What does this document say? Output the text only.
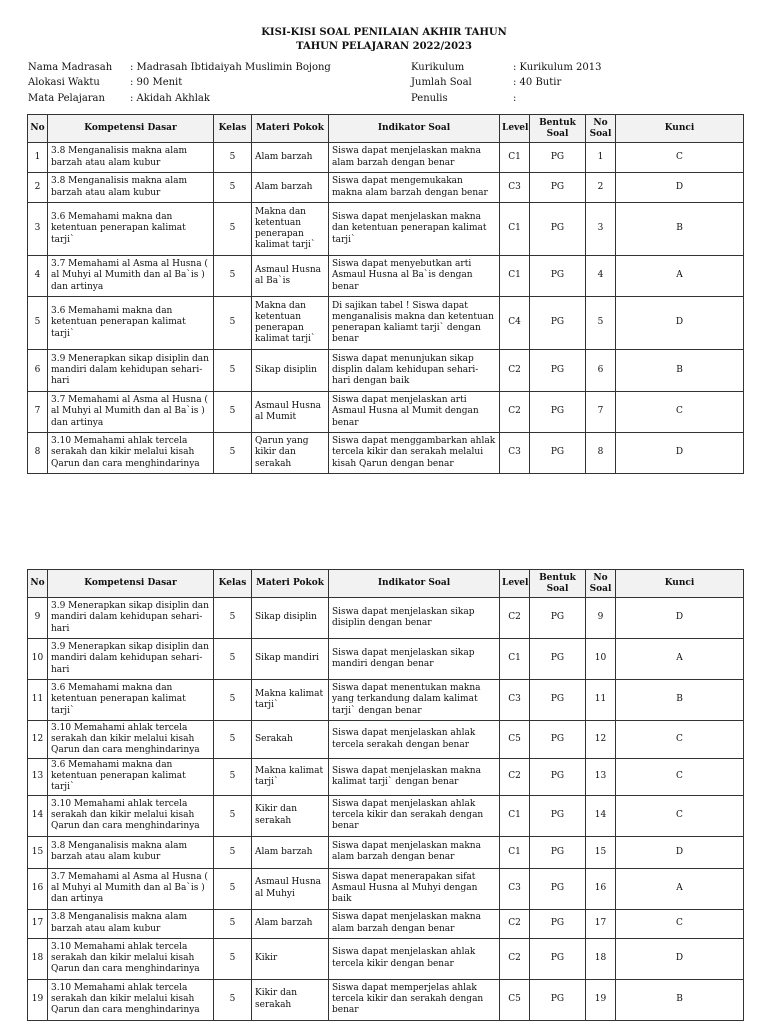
KISI-KISI SOAL PENILAIAN AKHIR TAHUN
TAHUN PELAJARAN 2022/2023
Nama Madrasah : Madrasah Ibtidaiyah Muslimin Bojong
Alokasi Waktu	: 90 Menit
Mata Pelajaran	: Akidah Akhlak
Kurikulum	: Kurikulum 2013
Jumlah Soal	: 40 Butir
Penulis	:
No	Kompetensi Dasar	Kelas	Materi Pokok	Indikator Soal	Level	Bentuk Soal	No Soal	Kunci
1	3.8 Menganalisis makna alam barzah atau alam kubur	5	Alam barzah	Siswa dapat menjelaskan makna alam barzah dengan benar	C1	PG	1	C
2	3.8 Menganalisis makna alam barzah atau alam kubur	5	Alam barzah	Siswa dapat mengemukakan makna alam barzah dengan benar	C3	PG	2	D
3	3.6 Memahami makna dan ketentuan penerapan kalimat tarji`	5	Makna dan ketentuan penerapan kalimat tarji`	Siswa dapat menjelaskan makna dan ketentuan penerapan kalimat tarji`	C1	PG	3	B
4	3.7 Memahami al Asma al Husna ( al Muhyi al Mumith dan al Ba`is ) dan artinya	5	Asmaul Husna al Ba`is	Siswa dapat menyebutkan arti Asmaul Husna al Ba`is dengan benar	C1	PG	4	A
5	3.6 Memahami makna dan ketentuan penerapan kalimat tarji`	5	Makna dan ketentuan penerapan kalimat tarji`	Di sajikan tabel ! Siswa dapat menganalisis makna dan ketentuan penerapan kaliamt tarji` dengan benar	C4	PG	5	D
6	3.9 Menerapkan sikap disiplin dan mandiri dalam kehidupan sehari-hari	5	Sikap disiplin	Siswa dapat menunjukan sikap displin dalam kehidupan sehari-hari dengan baik	C2	PG	6	B
7	3.7 Memahami al Asma al Husna ( al Muhyi al Mumith dan al Ba`is ) dan artinya	5	Asmaul Husna al Mumit	Siswa dapat menjelaskan arti Asmaul Husna al Mumit dengan benar	C2	PG	7	C
8	3.10 Memahami ahlak tercela serakah dan kikir melalui kisah Qarun dan cara menghindarinya	5	Qarun yang kikir dan serakah	Siswa dapat menggambarkan ahlak tercela kikir dan serakah melalui kisah Qarun dengan benar	C3	PG	8	D
No	Kompetensi Dasar	Kelas	Materi Pokok	Indikator Soal	Level	Bentuk Soal	No Soal	Kunci
9	3.9 Menerapkan sikap disiplin dan mandiri dalam kehidupan sehari-hari	5	Sikap disiplin	Siswa dapat menjelaskan sikap disiplin dengan benar	C2	PG	9	D
10	3.9 Menerapkan sikap disiplin dan mandiri dalam kehidupan sehari-hari	5	Sikap mandiri	Siswa dapat menjelaskan sikap mandiri dengan benar	C1	PG	10	A
11	3.6 Memahami makna dan ketentuan penerapan kalimat tarji`	5	Makna kalimat tarji`	Siswa dapat menentukan makna yang terkandung dalam kalimat tarji` dengan benar	C3	PG	11	B
12	3.10 Memahami ahlak tercela serakah dan kikir melalui kisah Qarun dan cara menghindarinya	5	Serakah	Siswa dapat menjelaskan ahlak tercela serakah dengan benar	C5	PG	12	C
13	3.6 Memahami makna dan ketentuan penerapan kalimat tarji`	5	Makna kalimat tarji`	Siswa dapat menjelaskan makna kalimat tarji` dengan benar	C2	PG	13	C
14	3.10 Memahami ahlak tercela serakah dan kikir melalui kisah Qarun dan cara menghindarinya	5	Kikir dan serakah	Siswa dapat menjelaskan ahlak tercela kikir dan serakah dengan benar	C1	PG	14	C
15	3.8 Menganalisis makna alam barzah atau alam kubur	5	Alam barzah	Siswa dapat menjelaskan makna alam barzah dengan benar	C1	PG	15	D
16	3.7 Memahami al Asma al Husna ( al Muhyi al Mumith dan al Ba`is ) dan artinya	5	Asmaul Husna al Muhyi	Siswa dapat menerapakan sifat Asmaul Husna al Muhyi dengan baik	C3	PG	16	A
17	3.8 Menganalisis makna alam barzah atau alam kubur	5	Alam barzah	Siswa dapat menjelaskan makna alam barzah dengan benar	C2	PG	17	C
18	3.10 Memahami ahlak tercela serakah dan kikir melalui kisah Qarun dan cara menghindarinya	5	Kikir	Siswa dapat menjelaskan ahlak tercela kikir dengan benar	C2	PG	18	D
19	3.10 Memahami ahlak tercela serakah dan kikir melalui kisah Qarun dan cara menghindarinya	5	Kikir dan serakah	Siswa dapat memperjelas ahlak tercela kikir dan serakah dengan benar	C5	PG	19	B
